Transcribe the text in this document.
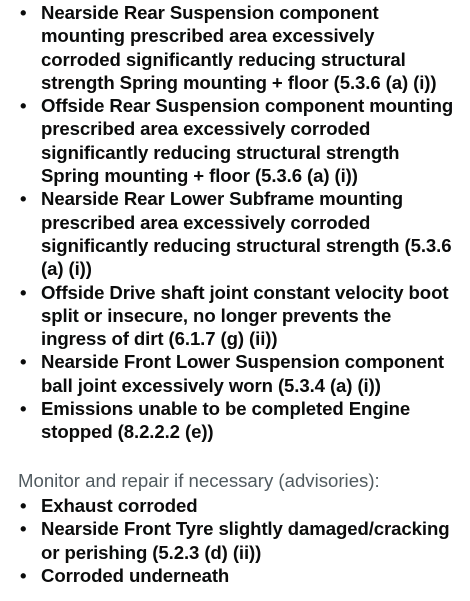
• Nearside Rear Suspension component mounting prescribed area excessively corroded significantly reducing structural strength Spring mounting + floor (5.3.6 (a) (i))
• Offside Rear Suspension component mounting prescribed area excessively corroded significantly reducing structural strength Spring mounting + floor (5.3.6 (a) (i))
• Nearside Rear Lower Subframe mounting prescribed area excessively corroded significantly reducing structural strength (5.3.6 (a) (i))
• Offside Drive shaft joint constant velocity boot split or insecure, no longer prevents the ingress of dirt (6.1.7 (g) (ii))
• Nearside Front Lower Suspension component ball joint excessively worn (5.3.4 (a) (i))
• Emissions unable to be completed Engine stopped (8.2.2.2 (e))

Monitor and repair if necessary (advisories):

• Exhaust corroded
• Nearside Front Tyre slightly damaged/cracking or perishing (5.2.3 (d) (ii))
• Corroded underneath
